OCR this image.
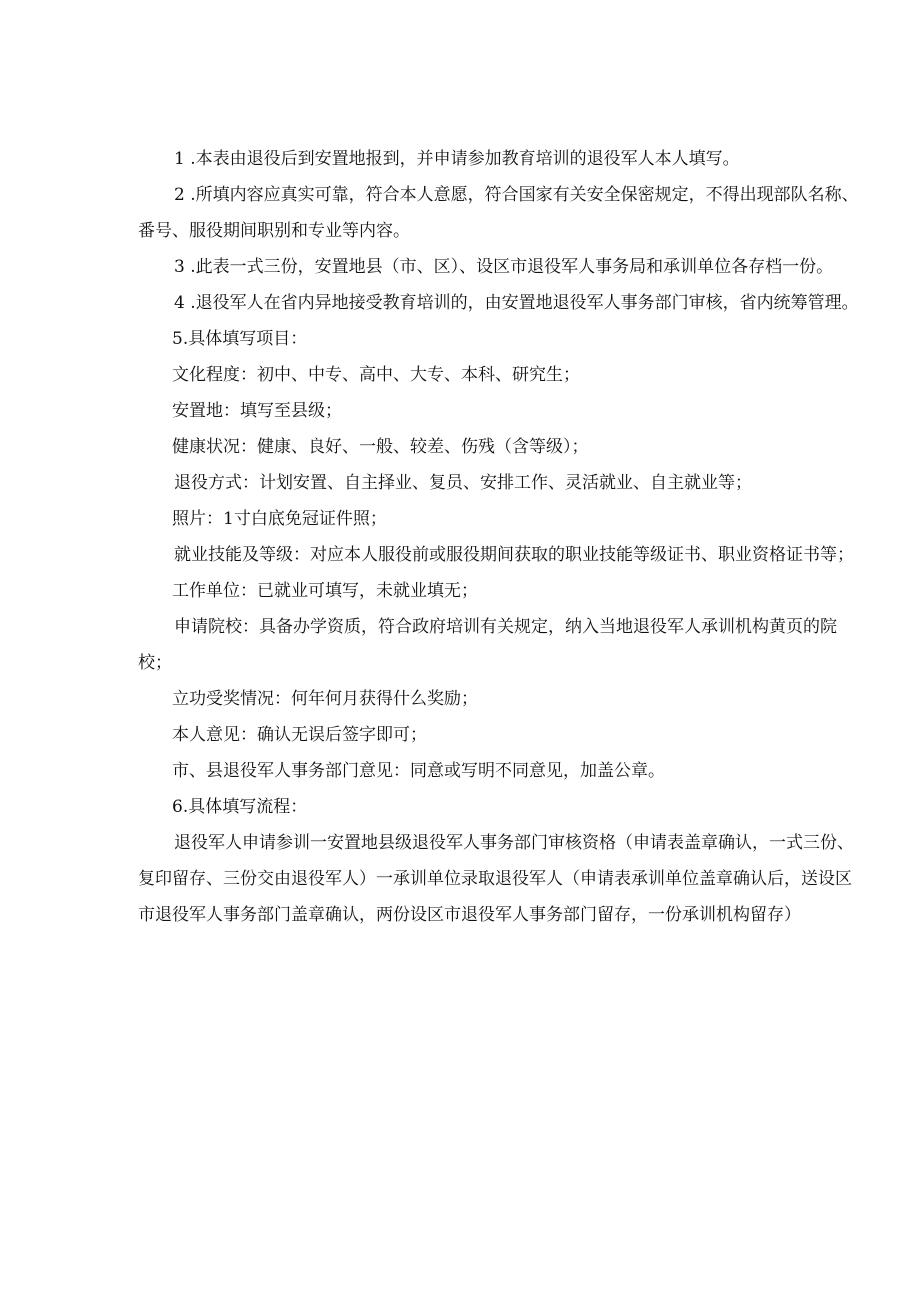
1 .本表由退役后到安置地报到，并申请参加教育培训的退役军人本人填写。

2 .所填内容应真实可靠，符合本人意愿，符合国家有关安全保密规定，不得出现部队名称、番号、服役期间职别和专业等内容。

3 .此表一式三份，安置地县（市、区）、设区市退役军人事务局和承训单位各存档一份。

4 .退役军人在省内异地接受教育培训的，由安置地退役军人事务部门审核，省内统筹管理。

5.具体填写项目：

文化程度：初中、中专、高中、大专、本科、研究生；

安置地：填写至县级；

健康状况：健康、良好、一般、较差、伤残（含等级）；

退役方式：计划安置、自主择业、复员、安排工作、灵活就业、自主就业等；

照片：1寸白底免冠证件照；

就业技能及等级：对应本人服役前或服役期间获取的职业技能等级证书、职业资格证书等；

工作单位：已就业可填写，未就业填无；

申请院校：具备办学资质，符合政府培训有关规定，纳入当地退役军人承训机构黄页的院校；

立功受奖情况：何年何月获得什么奖励；

本人意见：确认无误后签字即可；

市、县退役军人事务部门意见：同意或写明不同意见，加盖公章。

6.具体填写流程：

退役军人申请参训一安置地县级退役军人事务部门审核资格（申请表盖章确认，一式三份、复印留存、三份交由退役军人）一承训单位录取退役军人（申请表承训单位盖章确认后，送设区市退役军人事务部门盖章确认，两份设区市退役军人事务部门留存，一份承训机构留存）
